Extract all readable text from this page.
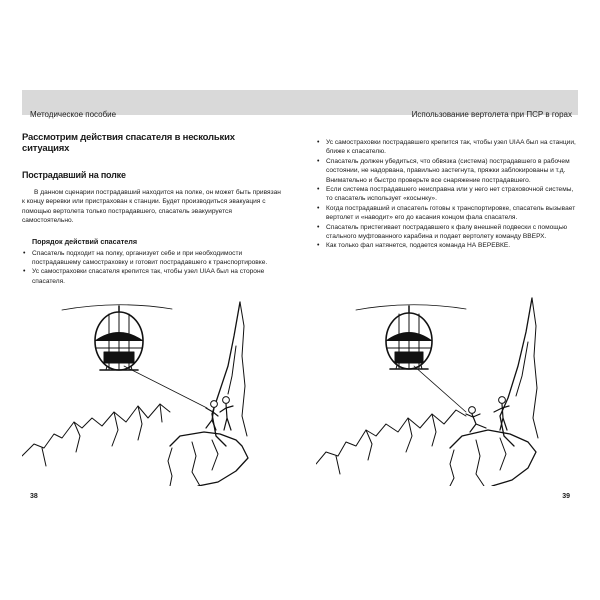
Методическое пособие	Использование вертолета при ПСР в горах
Рассмотрим действия спасателя в нескольких ситуациях
Пострадавший на полке

В данном сценарии пострадавший находится на полке, он может быть привязан к концу веревки или пристрахован к станции. Будет производиться эвакуация с помощью вертолета только пострадавшего, спасатель эвакуируется самостоятельно.

Порядок действий спасателя
• Спасатель подходит на полку, организует себе и при необходимости пострадавшему самостраховку и готовит пострадавшего к транспортировке.
• Ус самостраховки спасателя крепится так, чтобы узел UIAA был на стороне спасателя.
• Ус самостраховки пострадавшего крепится так, чтобы узел UIAA был на станции, ближе к спасателю.
• Спасатель должен убедиться, что обвязка (система) пострадавшего в рабочем состоянии, не надорвана, правильно застегнута, пряжки заблокированы и т.д. Внимательно и быстро проверьте все снаряжение пострадавшего.
• Если система пострадавшего неисправна или у него нет страховочной системы, то спасатель использует «косынку».
• Когда пострадавший и спасатель готовы к транспортировке, спасатель вызывает вертолет и «наводит» его до касания концом фала спасателя.
• Спасатель пристегивает пострадавшего к фалу внешней подвески с помощью стального муфтованного карабина и подает вертолету команду ВВЕРХ.
• Как только фал натянется, подается команда НА ВЕРЕВКЕ.
38	39
